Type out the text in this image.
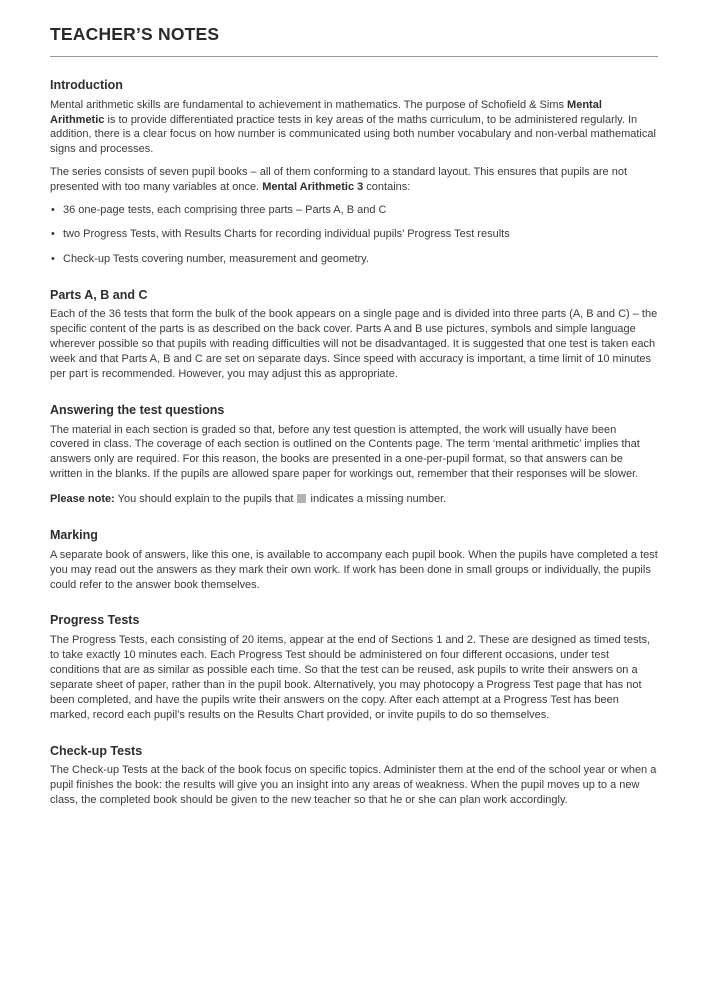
TEACHER’S NOTES
Introduction

Mental arithmetic skills are fundamental to achievement in mathematics. The purpose of Schofield & Sims Mental Arithmetic is to provide differentiated practice tests in key areas of the maths curriculum, to be administered regularly. In addition, there is a clear focus on how number is communicated using both number vocabulary and non-verbal mathematical signs and processes.

The series consists of seven pupil books – all of them conforming to a standard layout. This ensures that pupils are not presented with too many variables at once. Mental Arithmetic 3 contains:

• 36 one-page tests, each comprising three parts – Parts A, B and C
• two Progress Tests, with Results Charts for recording individual pupils’ Progress Test results
• Check-up Tests covering number, measurement and geometry.
Parts A, B and C

Each of the 36 tests that form the bulk of the book appears on a single page and is divided into three parts (A, B and C) – the specific content of the parts is as described on the back cover. Parts A and B use pictures, symbols and simple language wherever possible so that pupils with reading difficulties will not be disadvantaged. It is suggested that one test is taken each week and that Parts A, B and C are set on separate days. Since speed with accuracy is important, a time limit of 10 minutes per part is recommended. However, you may adjust this as appropriate.

Answering the test questions

The material in each section is graded so that, before any test question is attempted, the work will usually have been covered in class. The coverage of each section is outlined on the Contents page. The term ‘mental arithmetic’ implies that answers only are required. For this reason, the books are presented in a one-per-pupil format, so that answers can be written in the blanks. If the pupils are allowed spare paper for workings out, remember that their responses will be slower.

Please note: You should explain to the pupils that  indicates a missing number.

Marking

A separate book of answers, like this one, is available to accompany each pupil book. When the pupils have completed a test you may read out the answers as they mark their own work. If work has been done in small groups or individually, the pupils could refer to the answer book themselves.

Progress Tests

The Progress Tests, each consisting of 20 items, appear at the end of Sections 1 and 2. These are designed as timed tests, to take exactly 10 minutes each. Each Progress Test should be administered on four different occasions, under test conditions that are as similar as possible each time. So that the test can be reused, ask pupils to write their answers on a separate sheet of paper, rather than in the pupil book. Alternatively, you may photocopy a Progress Test page that has not been completed, and have the pupils write their answers on the copy. After each attempt at a Progress Test has been marked, record each pupil’s results on the Results Chart provided, or invite pupils to do so themselves.

Check-up Tests

The Check-up Tests at the back of the book focus on specific topics. Administer them at the end of the school year or when a pupil finishes the book: the results will give you an insight into any areas of weakness. When the pupil moves up to a new class, the completed book should be given to the new teacher so that he or she can plan work accordingly.
